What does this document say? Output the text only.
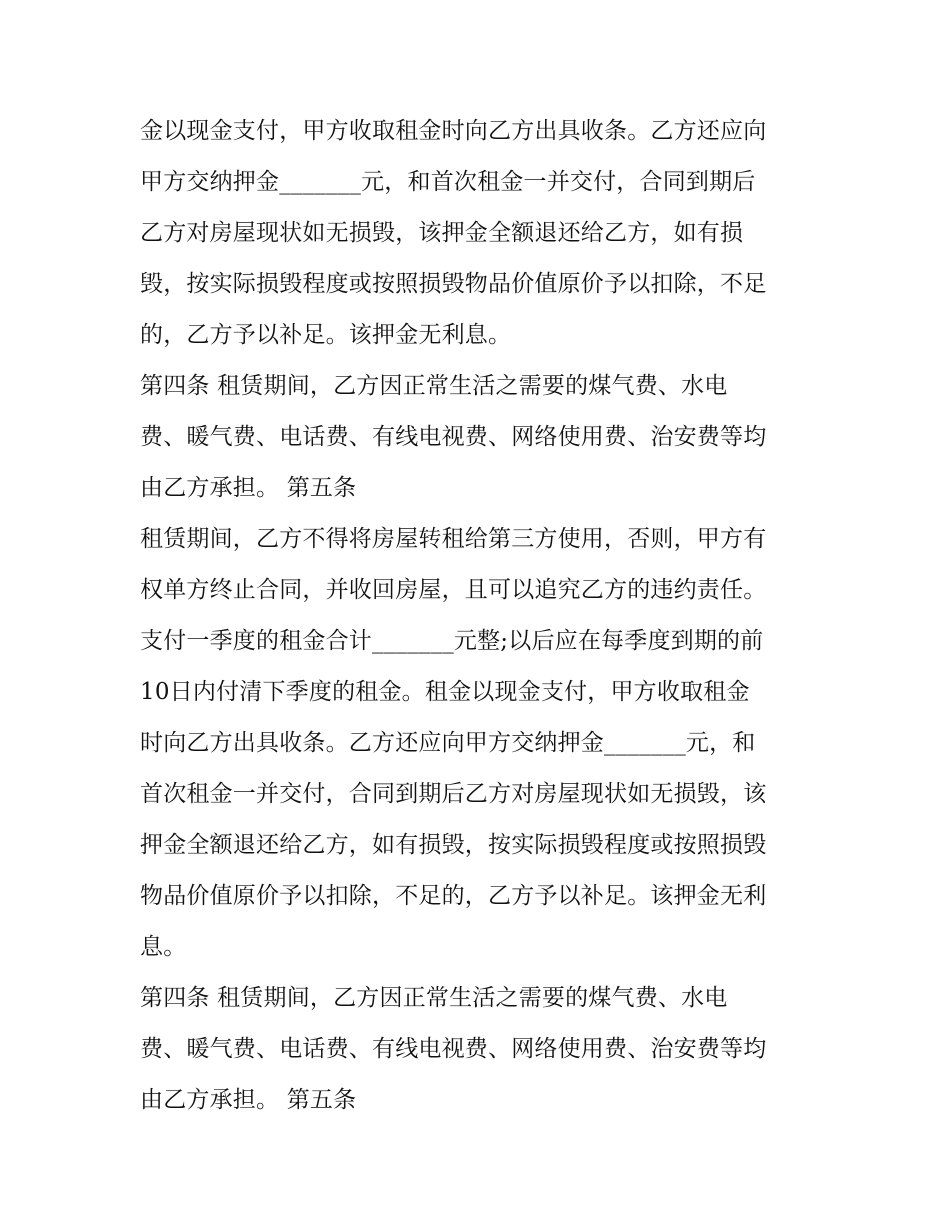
金以现金支付，甲方收取租金时向乙方出具收条。乙方还应向
甲方交纳押金_______元，和首次租金一并交付，合同到期后
乙方对房屋现状如无损毁，该押金全额退还给乙方，如有损
毁，按实际损毁程度或按照损毁物品价值原价予以扣除，不足
的，乙方予以补足。该押金无利息。
第四条 租赁期间，乙方因正常生活之需要的煤气费、水电
费、暖气费、电话费、有线电视费、网络使用费、治安费等均
由乙方承担。 第五条
租赁期间，乙方不得将房屋转租给第三方使用，否则，甲方有
权单方终止合同，并收回房屋，且可以追究乙方的违约责任。
支付一季度的租金合计_______元整;以后应在每季度到期的前
10日内付清下季度的租金。租金以现金支付，甲方收取租金
时向乙方出具收条。乙方还应向甲方交纳押金_______元，和
首次租金一并交付，合同到期后乙方对房屋现状如无损毁，该
押金全额退还给乙方，如有损毁，按实际损毁程度或按照损毁
物品价值原价予以扣除，不足的，乙方予以补足。该押金无利
息。
第四条 租赁期间，乙方因正常生活之需要的煤气费、水电
费、暖气费、电话费、有线电视费、网络使用费、治安费等均
由乙方承担。 第五条
